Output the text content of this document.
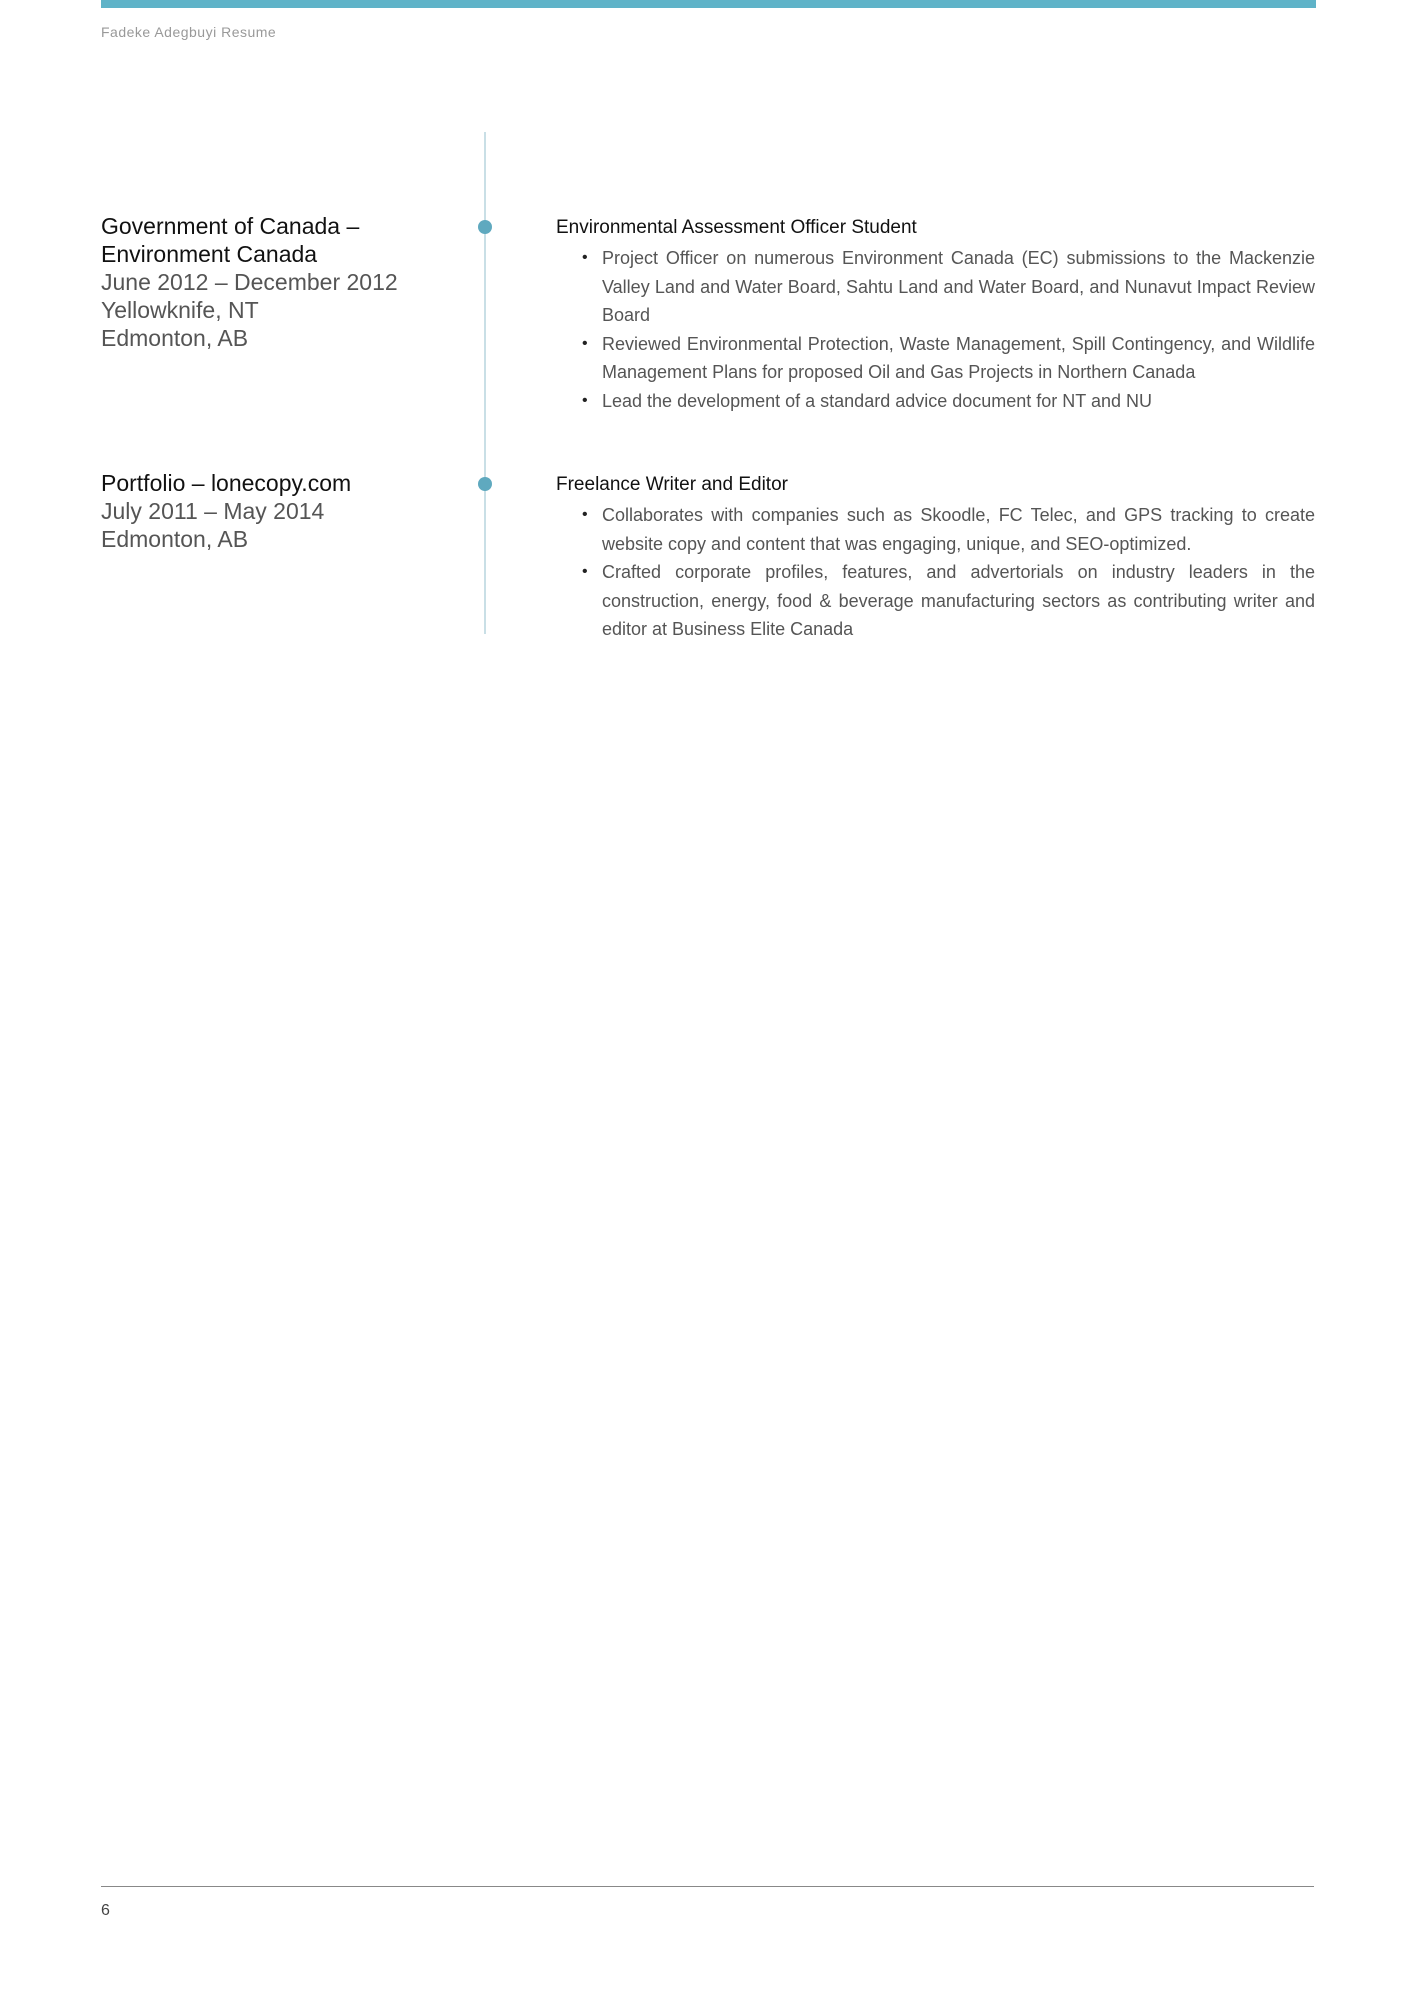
Fadeke Adegbuyi Resume
Government of Canada –
Environment Canada
June 2012 – December 2012
Yellowknife, NT
Edmonton, AB
Environmental Assessment Officer Student
• Project Officer on numerous Environment Canada (EC) submissions to the Mackenzie Valley Land and Water Board, Sahtu Land and Water Board, and Nunavut Impact Review Board
• Reviewed Environmental Protection, Waste Management, Spill Contingency, and Wildlife Management Plans for proposed Oil and Gas Projects in Northern Canada
• Lead the development of a standard advice document for NT and NU
Portfolio – lonecopy.com
July 2011 – May 2014
Edmonton, AB
Freelance Writer and Editor
• Collaborates with companies such as Skoodle, FC Telec, and GPS tracking to create website copy and content that was engaging, unique, and SEO-optimized.
• Crafted corporate profiles, features, and advertorials on industry leaders in the construction, energy, food & beverage manufacturing sectors as contributing writer and editor at Business Elite Canada
6
